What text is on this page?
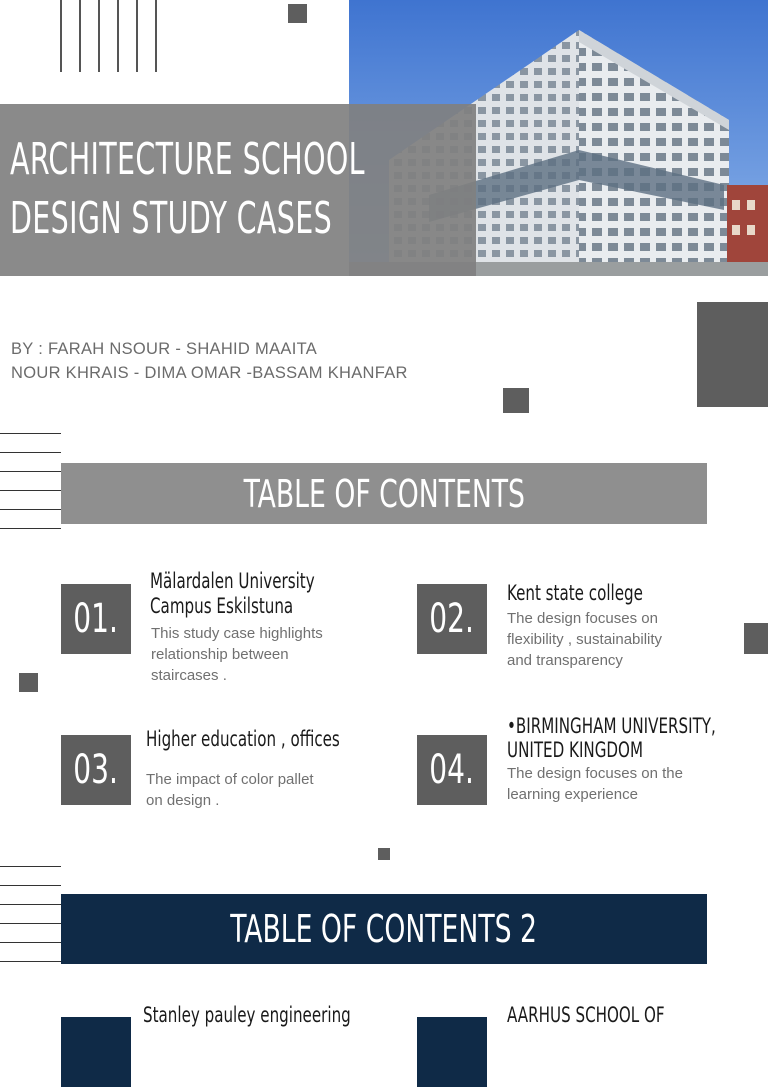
ARCHITECTURE SCHOOL
DESIGN STUDY CASES
BY : FARAH NSOUR - SHAHID MAAITA
NOUR KHRAIS - DIMA OMAR -BASSAM KHANFAR
TABLE OF CONTENTS
01.
Mälardalen University
Campus Eskilstuna
This study case highlights
relationship between
staircases .
02.
Kent state college
The design focuses on
flexibility , sustainability
and transparency
03.
Higher education , offices
The impact of color pallet
on design .
04.
•BIRMINGHAM UNIVERSITY,
UNITED KINGDOM
The design focuses on the
learning experience
TABLE OF CONTENTS 2
Stanley pauley engineering	AARHUS SCHOOL OF
